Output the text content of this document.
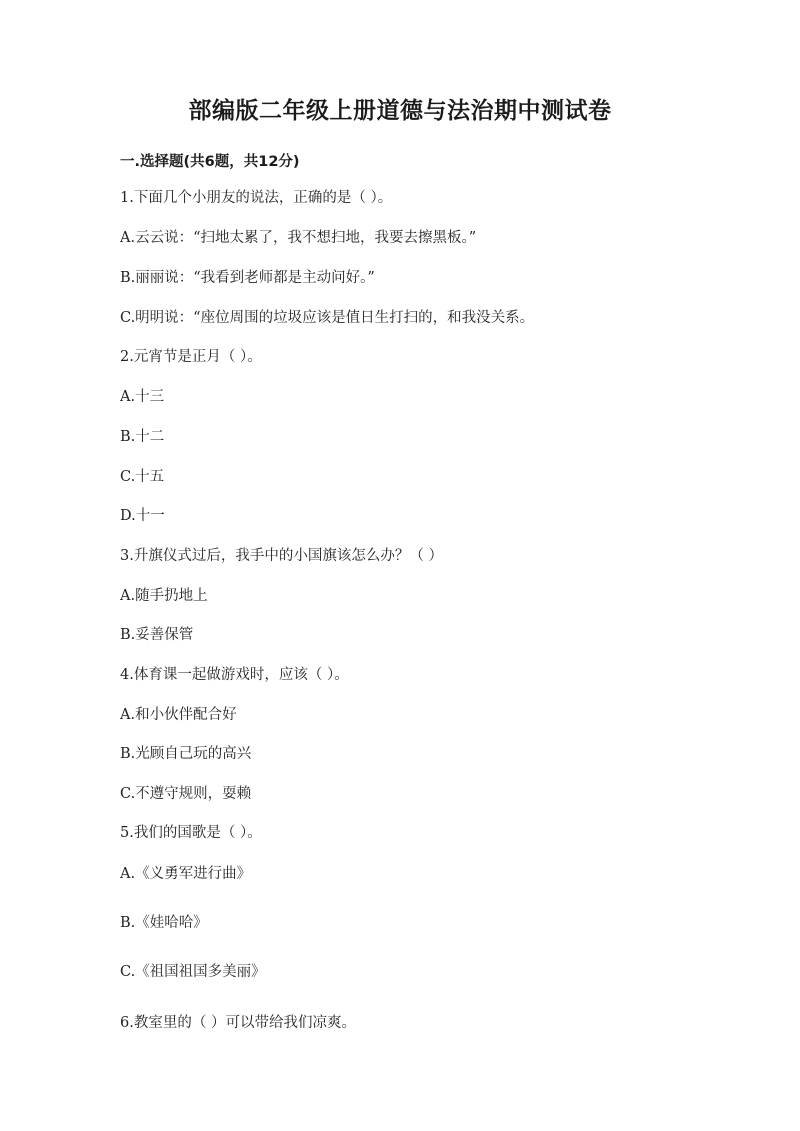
部编版二年级上册道德与法治期中测试卷
一.选择题(共6题，共12分)
1.下面几个小朋友的说法，正确的是（ ）。
A.云云说：“扫地太累了，我不想扫地，我要去擦黑板。”
B.丽丽说：“我看到老师都是主动问好。”
C.明明说：“座位周围的垃圾应该是值日生打扫的，和我没关系。
2.元宵节是正月（ ）。
A.十三
B.十二
C.十五
D.十一
3.升旗仪式过后，我手中的小国旗该怎么办？（ ）
A.随手扔地上
B.妥善保管
4.体育课一起做游戏时，应该（ ）。
A.和小伙伴配合好
B.光顾自己玩的高兴
C.不遵守规则，耍赖
5.我们的国歌是（ ）。
A.《义勇军进行曲》
B.《娃哈哈》
C.《祖国祖国多美丽》
6.教室里的（ ）可以带给我们凉爽。
